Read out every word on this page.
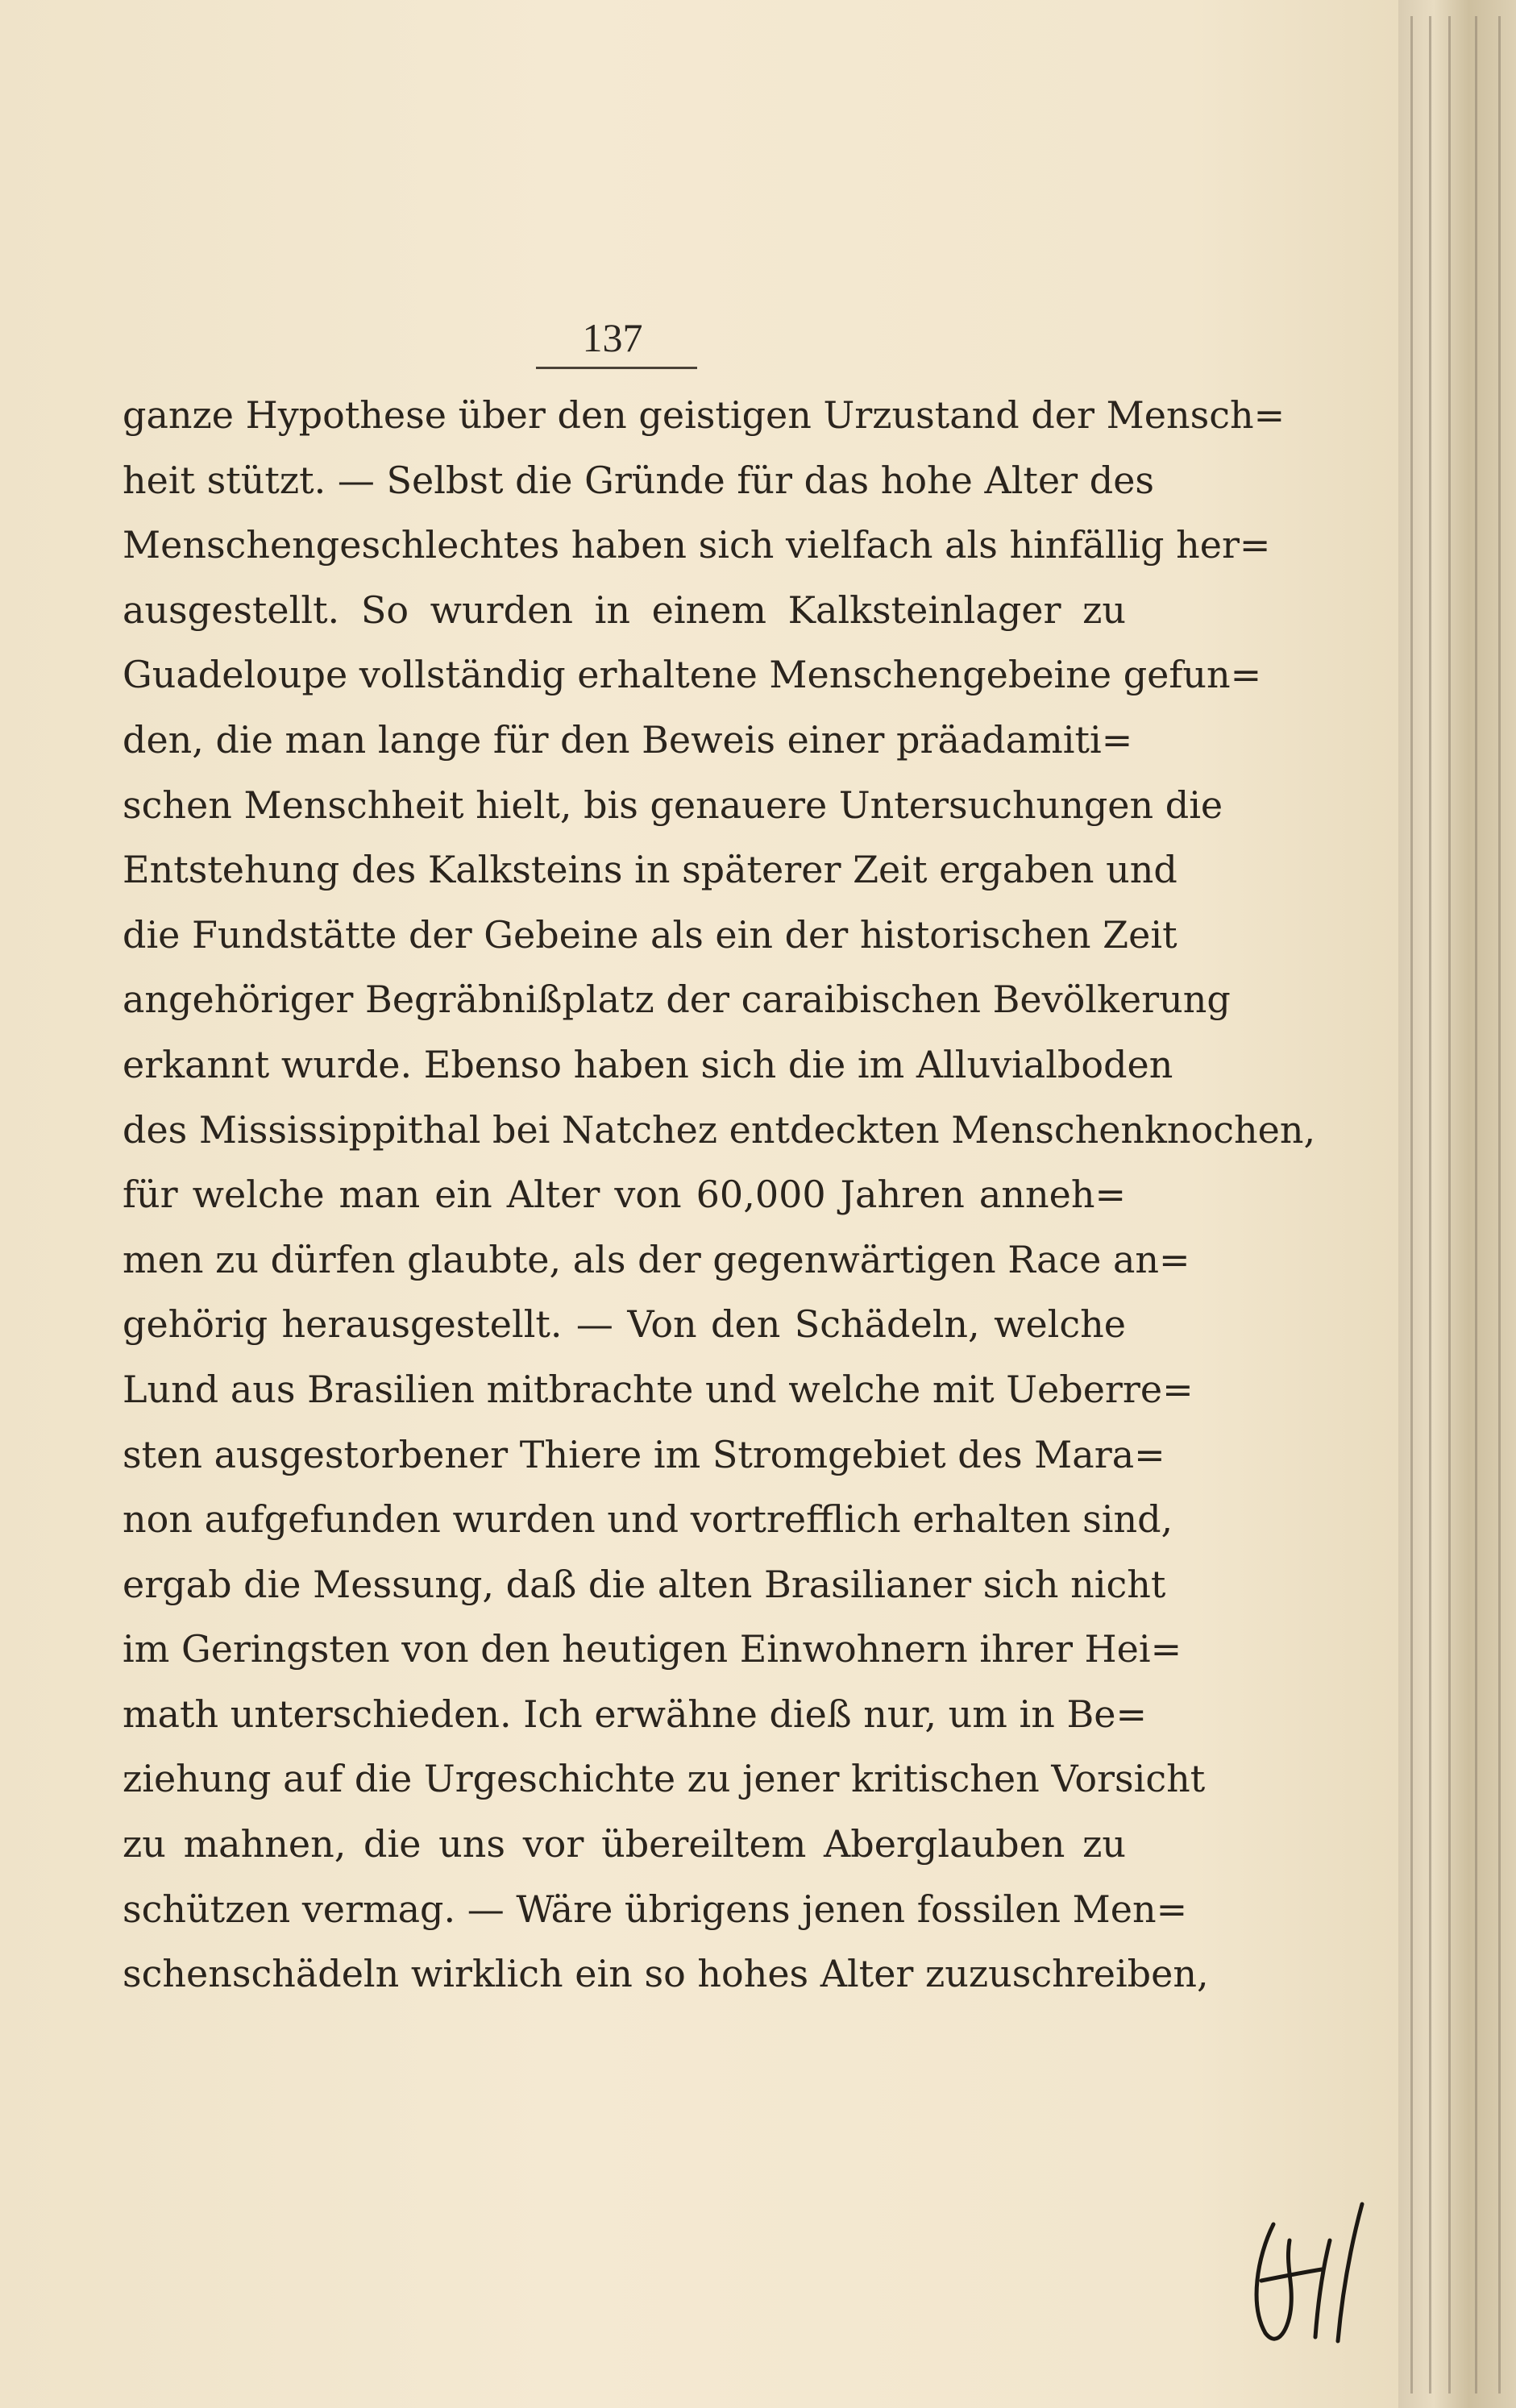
137
ganze Hypothese über den geistigen Urzustand der Mensch=
heit stützt. — Selbst die Gründe für das hohe Alter des
Menschengeschlechtes haben sich vielfach als hinfällig her=
ausgestellt. So wurden in einem Kalksteinlager zu
Guadeloupe vollständig erhaltene Menschengebeine gefun=
den, die man lange für den Beweis einer präadamiti=
schen Menschheit hielt, bis genauere Untersuchungen die
Entstehung des Kalksteins in späterer Zeit ergaben und
die Fundstätte der Gebeine als ein der historischen Zeit
angehöriger Begräbnißplatz der caraibischen Bevölkerung
erkannt wurde. Ebenso haben sich die im Alluvialboden
des Mississippithal bei Natchez entdeckten Menschenknochen,
für welche man ein Alter von 60,000 Jahren anneh=
men zu dürfen glaubte, als der gegenwärtigen Race an=
gehörig herausgestellt. — Von den Schädeln, welche
Lund aus Brasilien mitbrachte und welche mit Ueberre=
sten ausgestorbener Thiere im Stromgebiet des Mara=
non aufgefunden wurden und vortrefflich erhalten sind,
ergab die Messung, daß die alten Brasilianer sich nicht
im Geringsten von den heutigen Einwohnern ihrer Hei=
math unterschieden. Ich erwähne dieß nur, um in Be=
ziehung auf die Urgeschichte zu jener kritischen Vorsicht
zu mahnen, die uns vor übereiltem Aberglauben zu
schützen vermag. — Wäre übrigens jenen fossilen Men=
schenschädeln wirklich ein so hohes Alter zuzuschreiben,
